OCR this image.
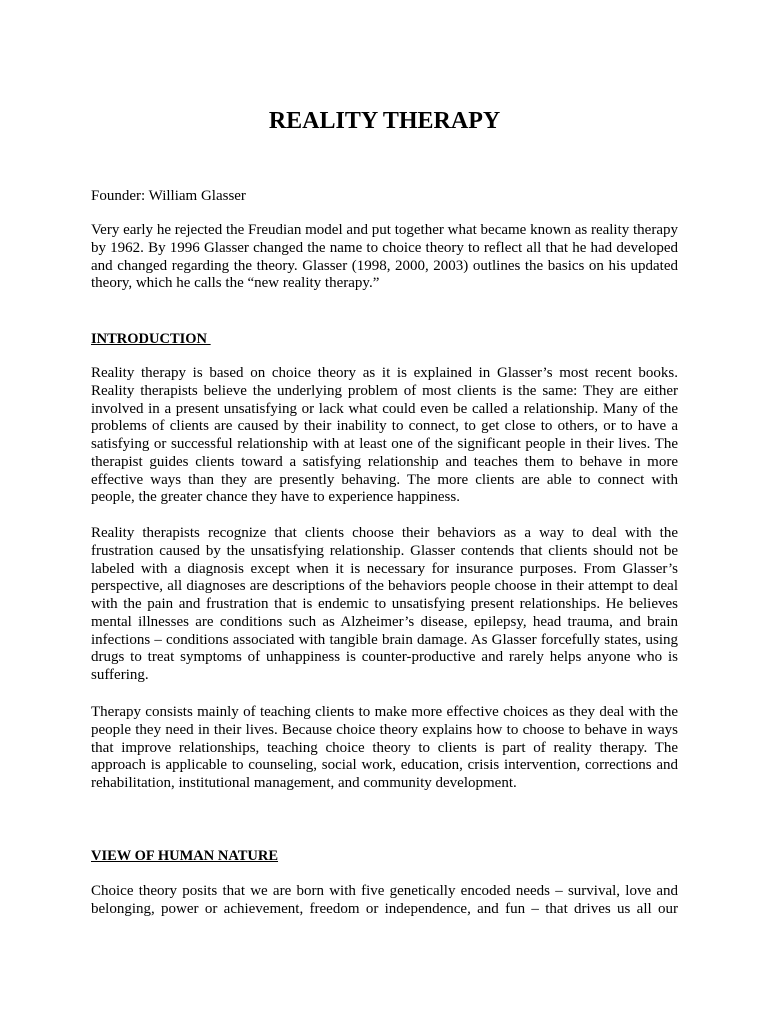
REALITY THERAPY
Founder: William Glasser

Very early he rejected the Freudian model and put together what became known as reality therapy by 1962. By 1996 Glasser changed the name to choice theory to reflect all that he had developed and changed regarding the theory. Glasser (1998, 2000, 2003) outlines the basics on his updated theory, which he calls the “new reality therapy.”

INTRODUCTION

Reality therapy is based on choice theory as it is explained in Glasser’s most recent books. Reality therapists believe the underlying problem of most clients is the same: They are either involved in a present unsatisfying or lack what could even be called a relationship. Many of the problems of clients are caused by their inability to connect, to get close to others, or to have a satisfying or successful relationship with at least one of the significant people in their lives. The therapist guides clients toward a satisfying relationship and teaches them to behave in more effective ways than they are presently behaving. The more clients are able to connect with people, the greater chance they have to experience happiness.

Reality therapists recognize that clients choose their behaviors as a way to deal with the frustration caused by the unsatisfying relationship. Glasser contends that clients should not be labeled with a diagnosis except when it is necessary for insurance purposes. From Glasser’s perspective, all diagnoses are descriptions of the behaviors people choose in their attempt to deal with the pain and frustration that is endemic to unsatisfying present relationships. He believes mental illnesses are conditions such as Alzheimer’s disease, epilepsy, head trauma, and brain infections – conditions associated with tangible brain damage. As Glasser forcefully states, using drugs to treat symptoms of unhappiness is counter-productive and rarely helps anyone who is suffering.

Therapy consists mainly of teaching clients to make more effective choices as they deal with the people they need in their lives. Because choice theory explains how to choose to behave in ways that improve relationships, teaching choice theory to clients is part of reality therapy. The approach is applicable to counseling, social work, education, crisis intervention, corrections and rehabilitation, institutional management, and community development.

VIEW OF HUMAN NATURE

Choice theory posits that we are born with five genetically encoded needs – survival, love and belonging, power or achievement, freedom or independence, and fun – that drives us all our
